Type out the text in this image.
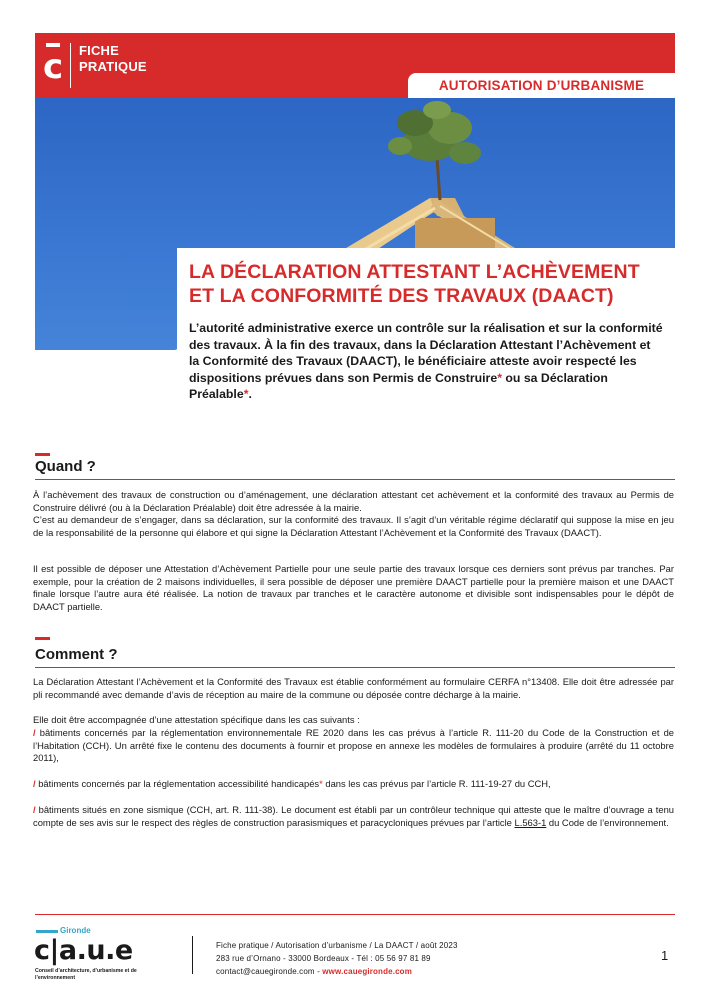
c FICHE
PRATIQUE
AUTORISATION D’URBANISME
LA DÉCLARATION ATTESTANT L’ACHÈVEMENT
ET LA CONFORMITÉ DES TRAVAUX (DAACT)
L’autorité administrative exerce un contrôle sur la réalisation et sur la conformité des travaux. À la fin des travaux, dans la Déclaration Attestant l’Achèvement et la Conformité des Travaux (DAACT), le bénéficiaire atteste avoir respecté les dispositions prévues dans son Permis de Construire* ou sa Déclaration Préalable*.
Quand ?
À l’achèvement des travaux de construction ou d’aménagement, une déclaration attestant cet achèvement et la conformité des travaux au Permis de Construire délivré (ou à la Déclaration Préalable) doit être adressée à la mairie.
C’est au demandeur de s’engager, dans sa déclaration, sur la conformité des travaux. Il s’agit d’un véritable régime déclaratif qui suppose la mise en jeu de la responsabilité de la personne qui élabore et qui signe la Déclaration Attestant l’Achèvement et la Conformité des Travaux (DAACT).
Il est possible de déposer une Attestation d’Achèvement Partielle pour une seule partie des travaux lorsque ces derniers sont prévus par tranches. Par exemple, pour la création de 2 maisons individuelles, il sera possible de déposer une première DAACT partielle pour la première maison et une DAACT finale lorsque l’autre aura été réalisée. La notion de travaux par tranches et le caractère autonome et divisible sont indispensables pour le dépôt de DAACT partielle.
Comment ?
La Déclaration Attestant l’Achèvement et la Conformité des Travaux est établie conformément au formulaire CERFA n°13408. Elle doit être adressée par pli recommandé avec demande d’avis de réception au maire de la commune ou déposée contre décharge à la mairie.
Elle doit être accompagnée d’une attestation spécifique dans les cas suivants :
/ bâtiments concernés par la réglementation environnementale RE 2020 dans les cas prévus à l’article R. 111-20 du Code de la Construction et de l’Habitation (CCH). Un arrêté fixe le contenu des documents à fournir et propose en annexe les modèles de formulaires à produire (arrêté du 11 octobre 2011),
/ bâtiments concernés par la réglementation accessibilité handicapés* dans les cas prévus par l’article R. 111-19-27 du CCH,
/ bâtiments situés en zone sismique (CCH, art. R. 111-38). Le document est établi par un contrôleur technique qui atteste que le maître d’ouvrage a tenu compte de ses avis sur le respect des règles de construction parasismiques et paracycloniques prévues par l’article L.563-1 du Code de l’environnement.
Gironde
c|a.u.e
Conseil d’architecture, d’urbanisme et de l’environnement
Fiche pratique / Autorisation d’urbanisme / La DAACT / août 2023
283 rue d’Ornano - 33000 Bordeaux - Tél : 05 56 97 81 89
contact@cauegironde.com - www.cauegironde.com
1
